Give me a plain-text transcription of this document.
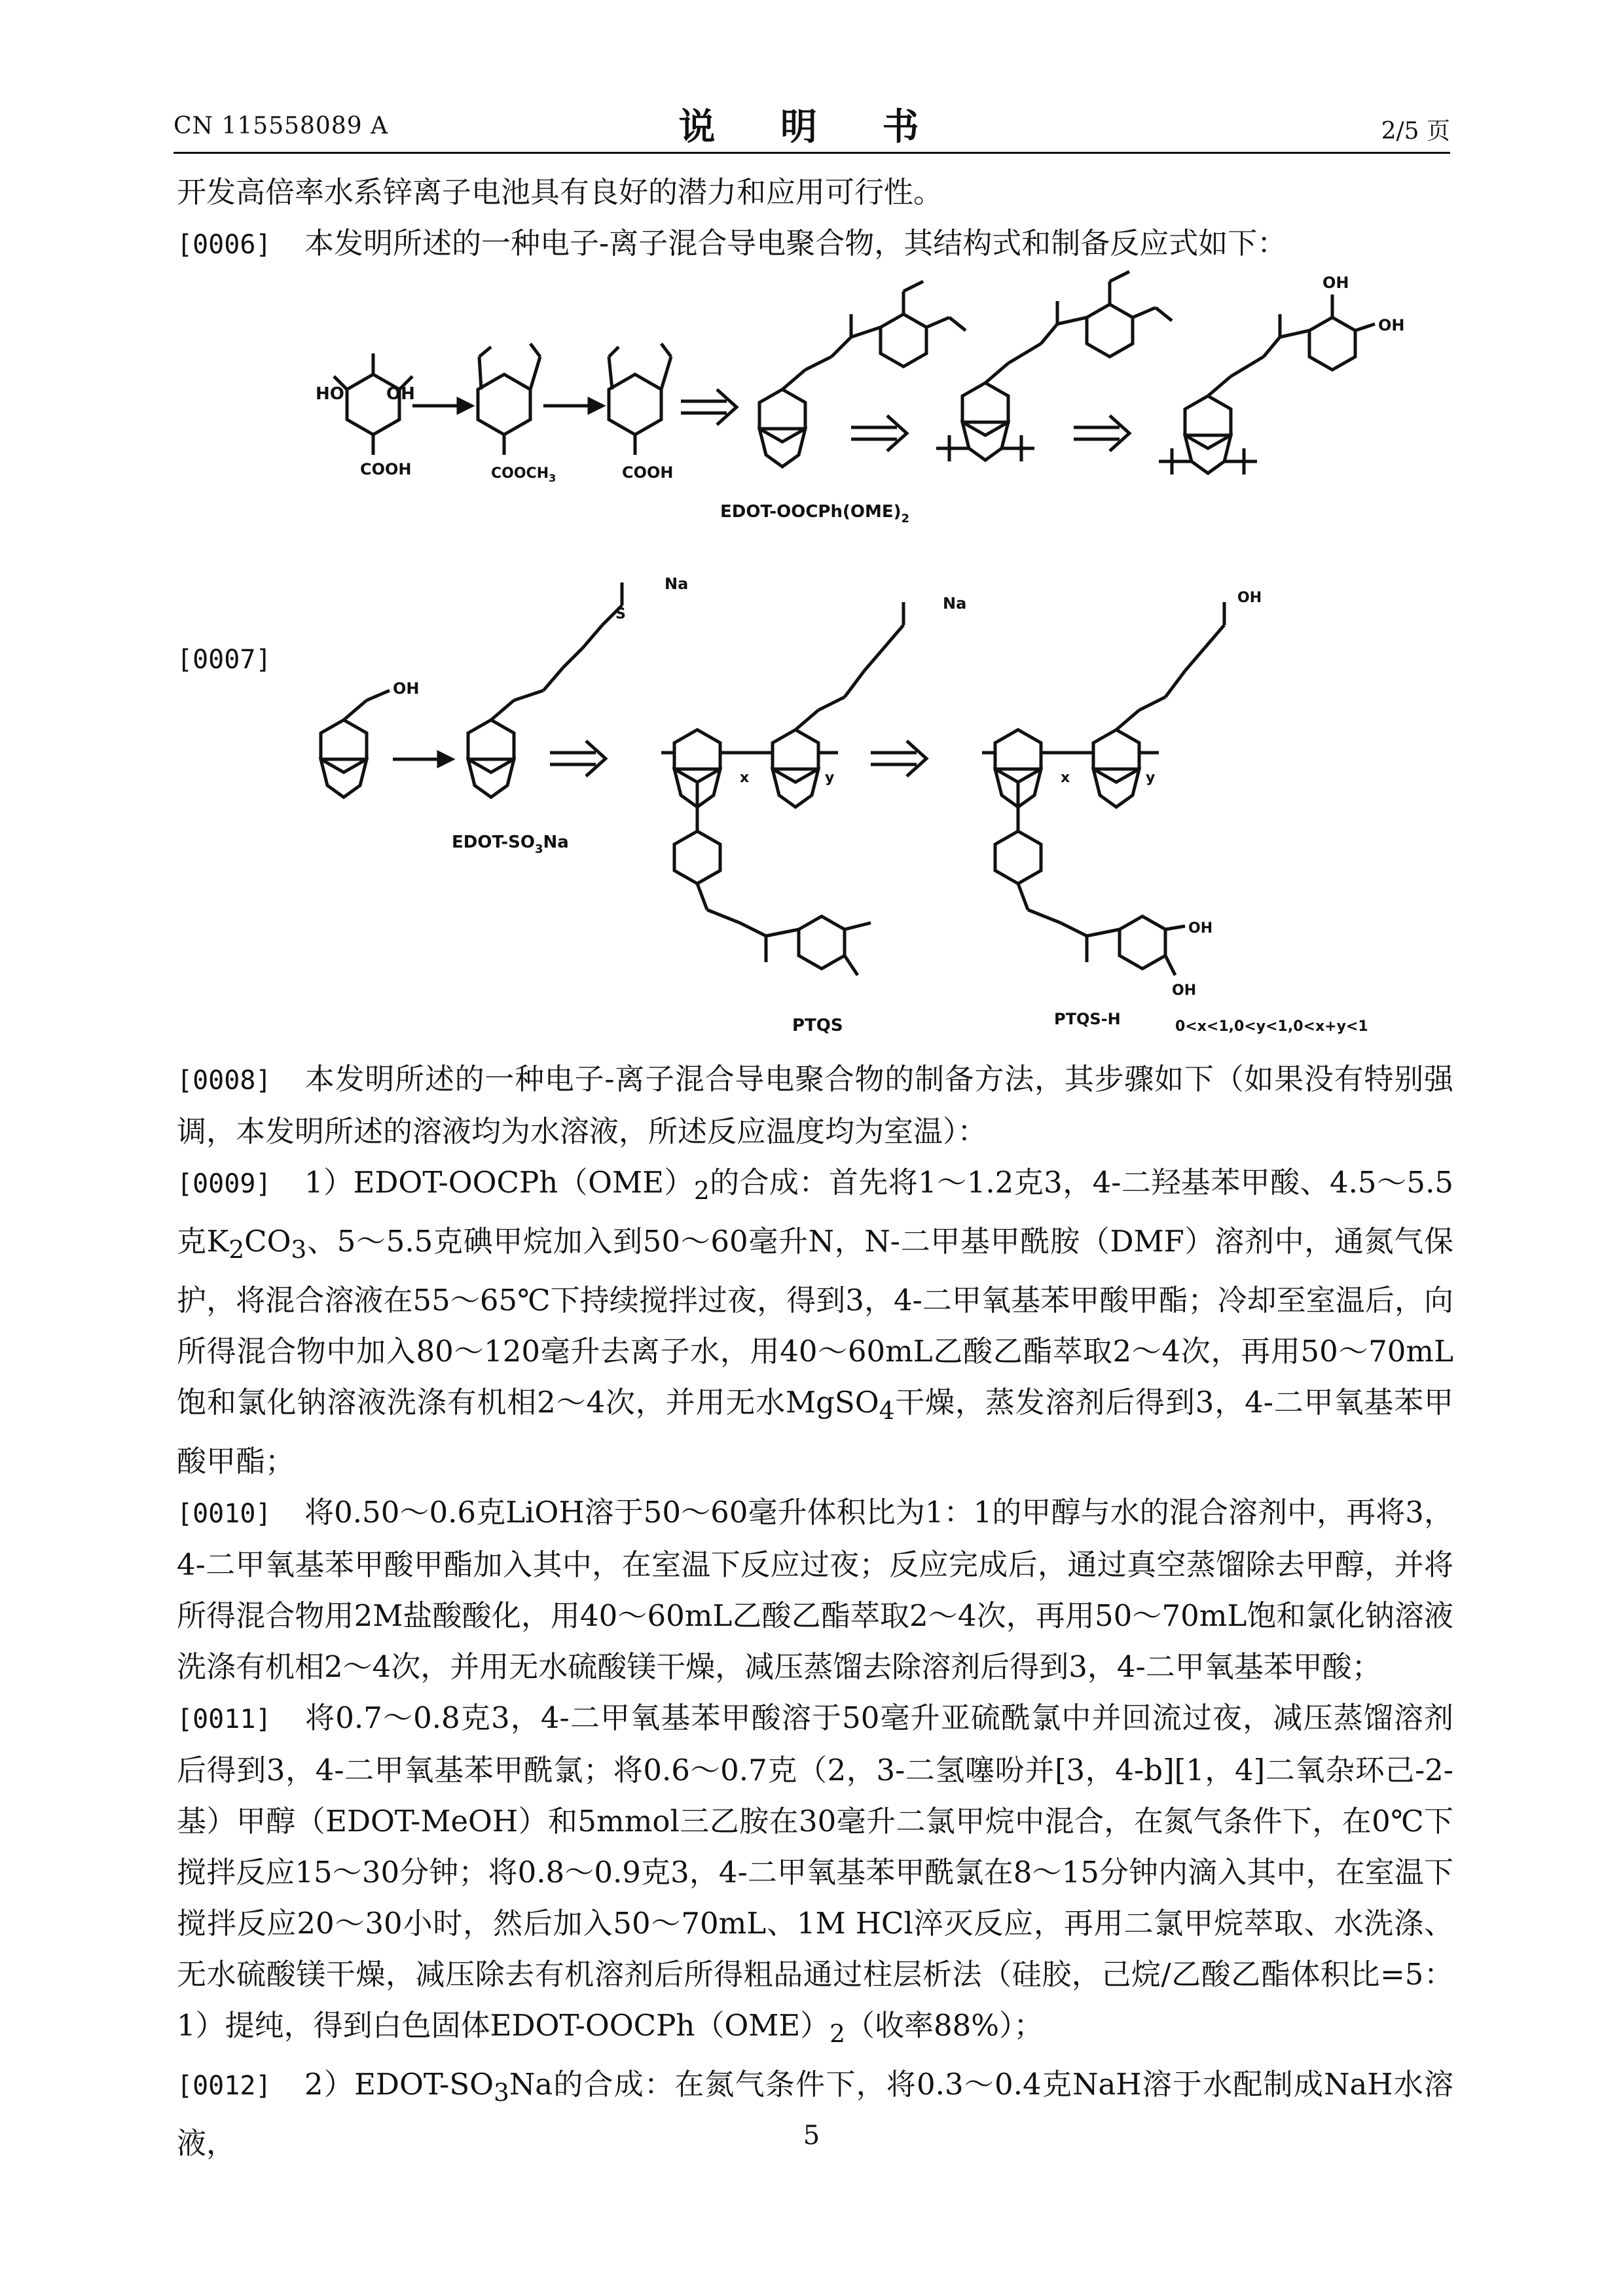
CN 115558089 A	说 明 书	2/5 页

开发高倍率水系锌离子电池具有良好的潜力和应用可行性。

[0006] 本发明所述的一种电子-离子混合导电聚合物，其结构式和制备反应式如下：

HO OH
COOH	$COOCH_3$	COOH
EDOT-$OOCPh(OME)_2$
OH
OH
[0007]
OH
S
Na
EDOT-$SO_3Na$
Na
x	y
PTQS
OH
x	y
OH
OH
PTQS-H	0<x<1,0<y<1,0<x+y<1

[0008] 本发明所述的一种电子-离子混合导电聚合物的制备方法，其步骤如下（如果没有特别强调，本发明所述的溶液均为水溶液，所述反应温度均为室温）：

[0009] $1)EDOT-OOCPh(OME)_2$的合成：首先将1～1.2克3，4-二羟基苯甲酸、4.5～5.5克$K_2CO_3$、5～5.5克碘甲烷加入到50～60毫升N，N-二甲基甲酰胺（DMF）溶剂中，通氮气保护，将混合溶液在55～65℃下持续搅拌过夜，得到3，4-二甲氧基苯甲酸甲酯；冷却至室温后，向所得混合物中加入80～120毫升去离子水，用40～60mL乙酸乙酯萃取2～4次，再用50～70mL饱和氯化钠溶液洗涤有机相2～4次，并用无水MgSO$_4$干燥，蒸发溶剂后得到3，4-二甲氧基苯甲酸甲酯；

[0010] 将0.50～0.6克LiOH溶于50～60毫升体积比为1：1的甲醇与水的混合溶剂中，再将3，4-二甲氧基苯甲酸甲酯加入其中，在室温下反应过夜；反应完成后，通过真空蒸馏除去甲醇，并将所得混合物用2M盐酸酸化，用40～60mL乙酸乙酯萃取2～4次，再用50～70mL饱和氯化钠溶液洗涤有机相2～4次，并用无水硫酸镁干燥，减压蒸馏去除溶剂后得到3，4-二甲氧基苯甲酸；

[0011] 将0.7～0.8克3，4-二甲氧基苯甲酸溶于50毫升亚硫酰氯中并回流过夜，减压蒸馏溶剂后得到3，4-二甲氧基苯甲酰氯；将0.6～0.7克（2，3-二氢噻吩并[3，4-b][1，4]二氧杂环己-2-基）甲醇（EDOT-MeOH）和5mmol三乙胺在30毫升二氯甲烷中混合，在氮气条件下，在0℃下搅拌反应15～30分钟；将0.8～0.9克3，4-二甲氧基苯甲酰氯在8～15分钟内滴入其中，在室温下搅拌反应20～30小时，然后加入50～70mL、1M HCl淬灭反应，再用二氯甲烷萃取、水洗涤、无水硫酸镁干燥，减压除去有机溶剂后所得粗品通过柱层析法（硅胶，己烷/乙酸乙酯体积比=5：1）提纯，得到白色固体EDOT-$OOCPh(OME)_2$（收率88%）；

[0012] $2)EDOT-SO_3Na$的合成：在氮气条件下，将0.3～0.4克NaH溶于水配制成NaH水溶液，	5
